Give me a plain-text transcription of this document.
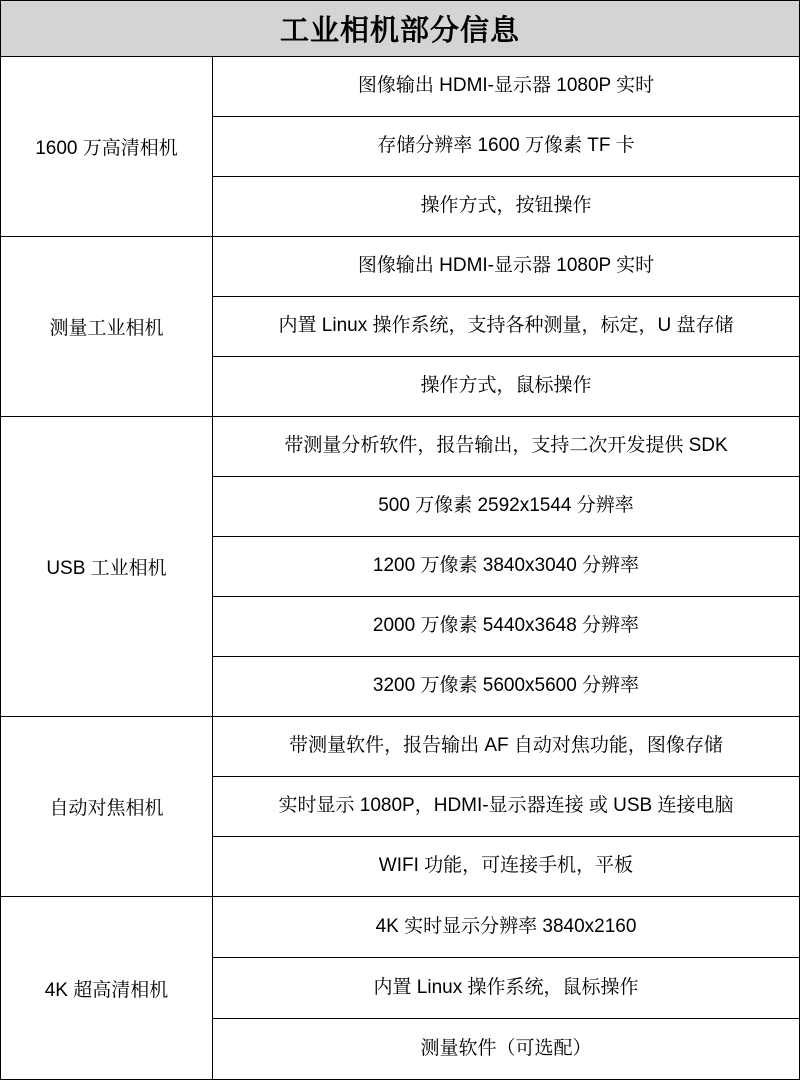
工业相机部分信息
1600 万高清相机
图像输出 HDMI-显示器 1080P 实时
存储分辨率 1600 万像素 TF 卡
操作方式，按钮操作
测量工业相机
图像输出 HDMI-显示器 1080P 实时
内置 Linux 操作系统，支持各种测量，标定，U 盘存储
操作方式，鼠标操作
USB 工业相机
带测量分析软件，报告输出，支持二次开发提供 SDK
500 万像素 2592x1544 分辨率
1200 万像素 3840x3040 分辨率
2000 万像素 5440x3648 分辨率
3200 万像素 5600x5600 分辨率
自动对焦相机
带测量软件，报告输出 AF 自动对焦功能，图像存储
实时显示 1080P，HDMI-显示器连接 或 USB 连接电脑
WIFI 功能，可连接手机，平板
4K 超高清相机
4K 实时显示分辨率 3840x2160
内置 Linux 操作系统，鼠标操作
测量软件（可选配）
